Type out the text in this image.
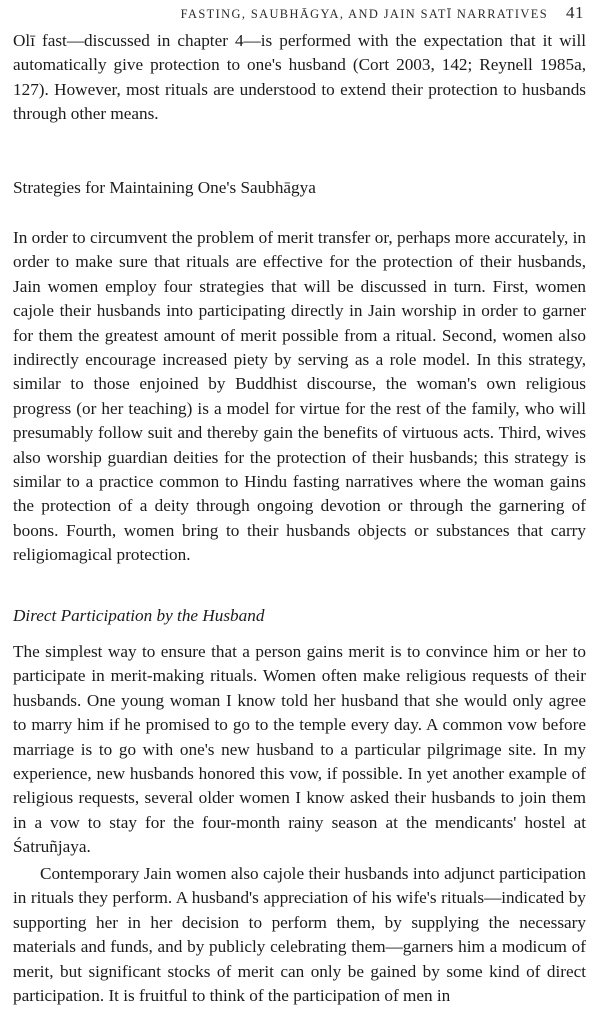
FASTING, SAUBHĀGYA, AND JAIN SATĪ NARRATIVES 41

Olī fast—discussed in chapter 4—is performed with the expectation that it will automatically give protection to one's husband (Cort 2003, 142; Reynell 1985a, 127). However, most rituals are understood to extend their protection to husbands through other means.

Strategies for Maintaining One's Saubhāgya

In order to circumvent the problem of merit transfer or, perhaps more accurately, in order to make sure that rituals are effective for the protection of their husbands, Jain women employ four strategies that will be discussed in turn. First, women cajole their husbands into participating directly in Jain worship in order to garner for them the greatest amount of merit possible from a ritual. Second, women also indirectly encourage increased piety by serving as a role model. In this strategy, similar to those enjoined by Buddhist discourse, the woman's own religious progress (or her teaching) is a model for virtue for the rest of the family, who will presumably follow suit and thereby gain the benefits of virtuous acts. Third, wives also worship guardian deities for the protection of their husbands; this strategy is similar to a practice common to Hindu fasting narratives where the woman gains the protection of a deity through ongoing devotion or through the garnering of boons. Fourth, women bring to their husbands objects or substances that carry religiomagical protection.

Direct Participation by the Husband

The simplest way to ensure that a person gains merit is to convince him or her to participate in merit-making rituals. Women often make religious requests of their husbands. One young woman I know told her husband that she would only agree to marry him if he promised to go to the temple every day. A common vow before marriage is to go with one's new husband to a particular pilgrimage site. In my experience, new husbands honored this vow, if possible. In yet another example of religious requests, several older women I know asked their husbands to join them in a vow to stay for the four-month rainy season at the mendicants' hostel at Śatruñjaya.

Contemporary Jain women also cajole their husbands into adjunct participation in rituals they perform. A husband's appreciation of his wife's rituals—indicated by supporting her in her decision to perform them, by supplying the necessary materials and funds, and by publicly celebrating them—garners him a modicum of merit, but significant stocks of merit can only be gained by some kind of direct participation. It is fruitful to think of the participation of men in
